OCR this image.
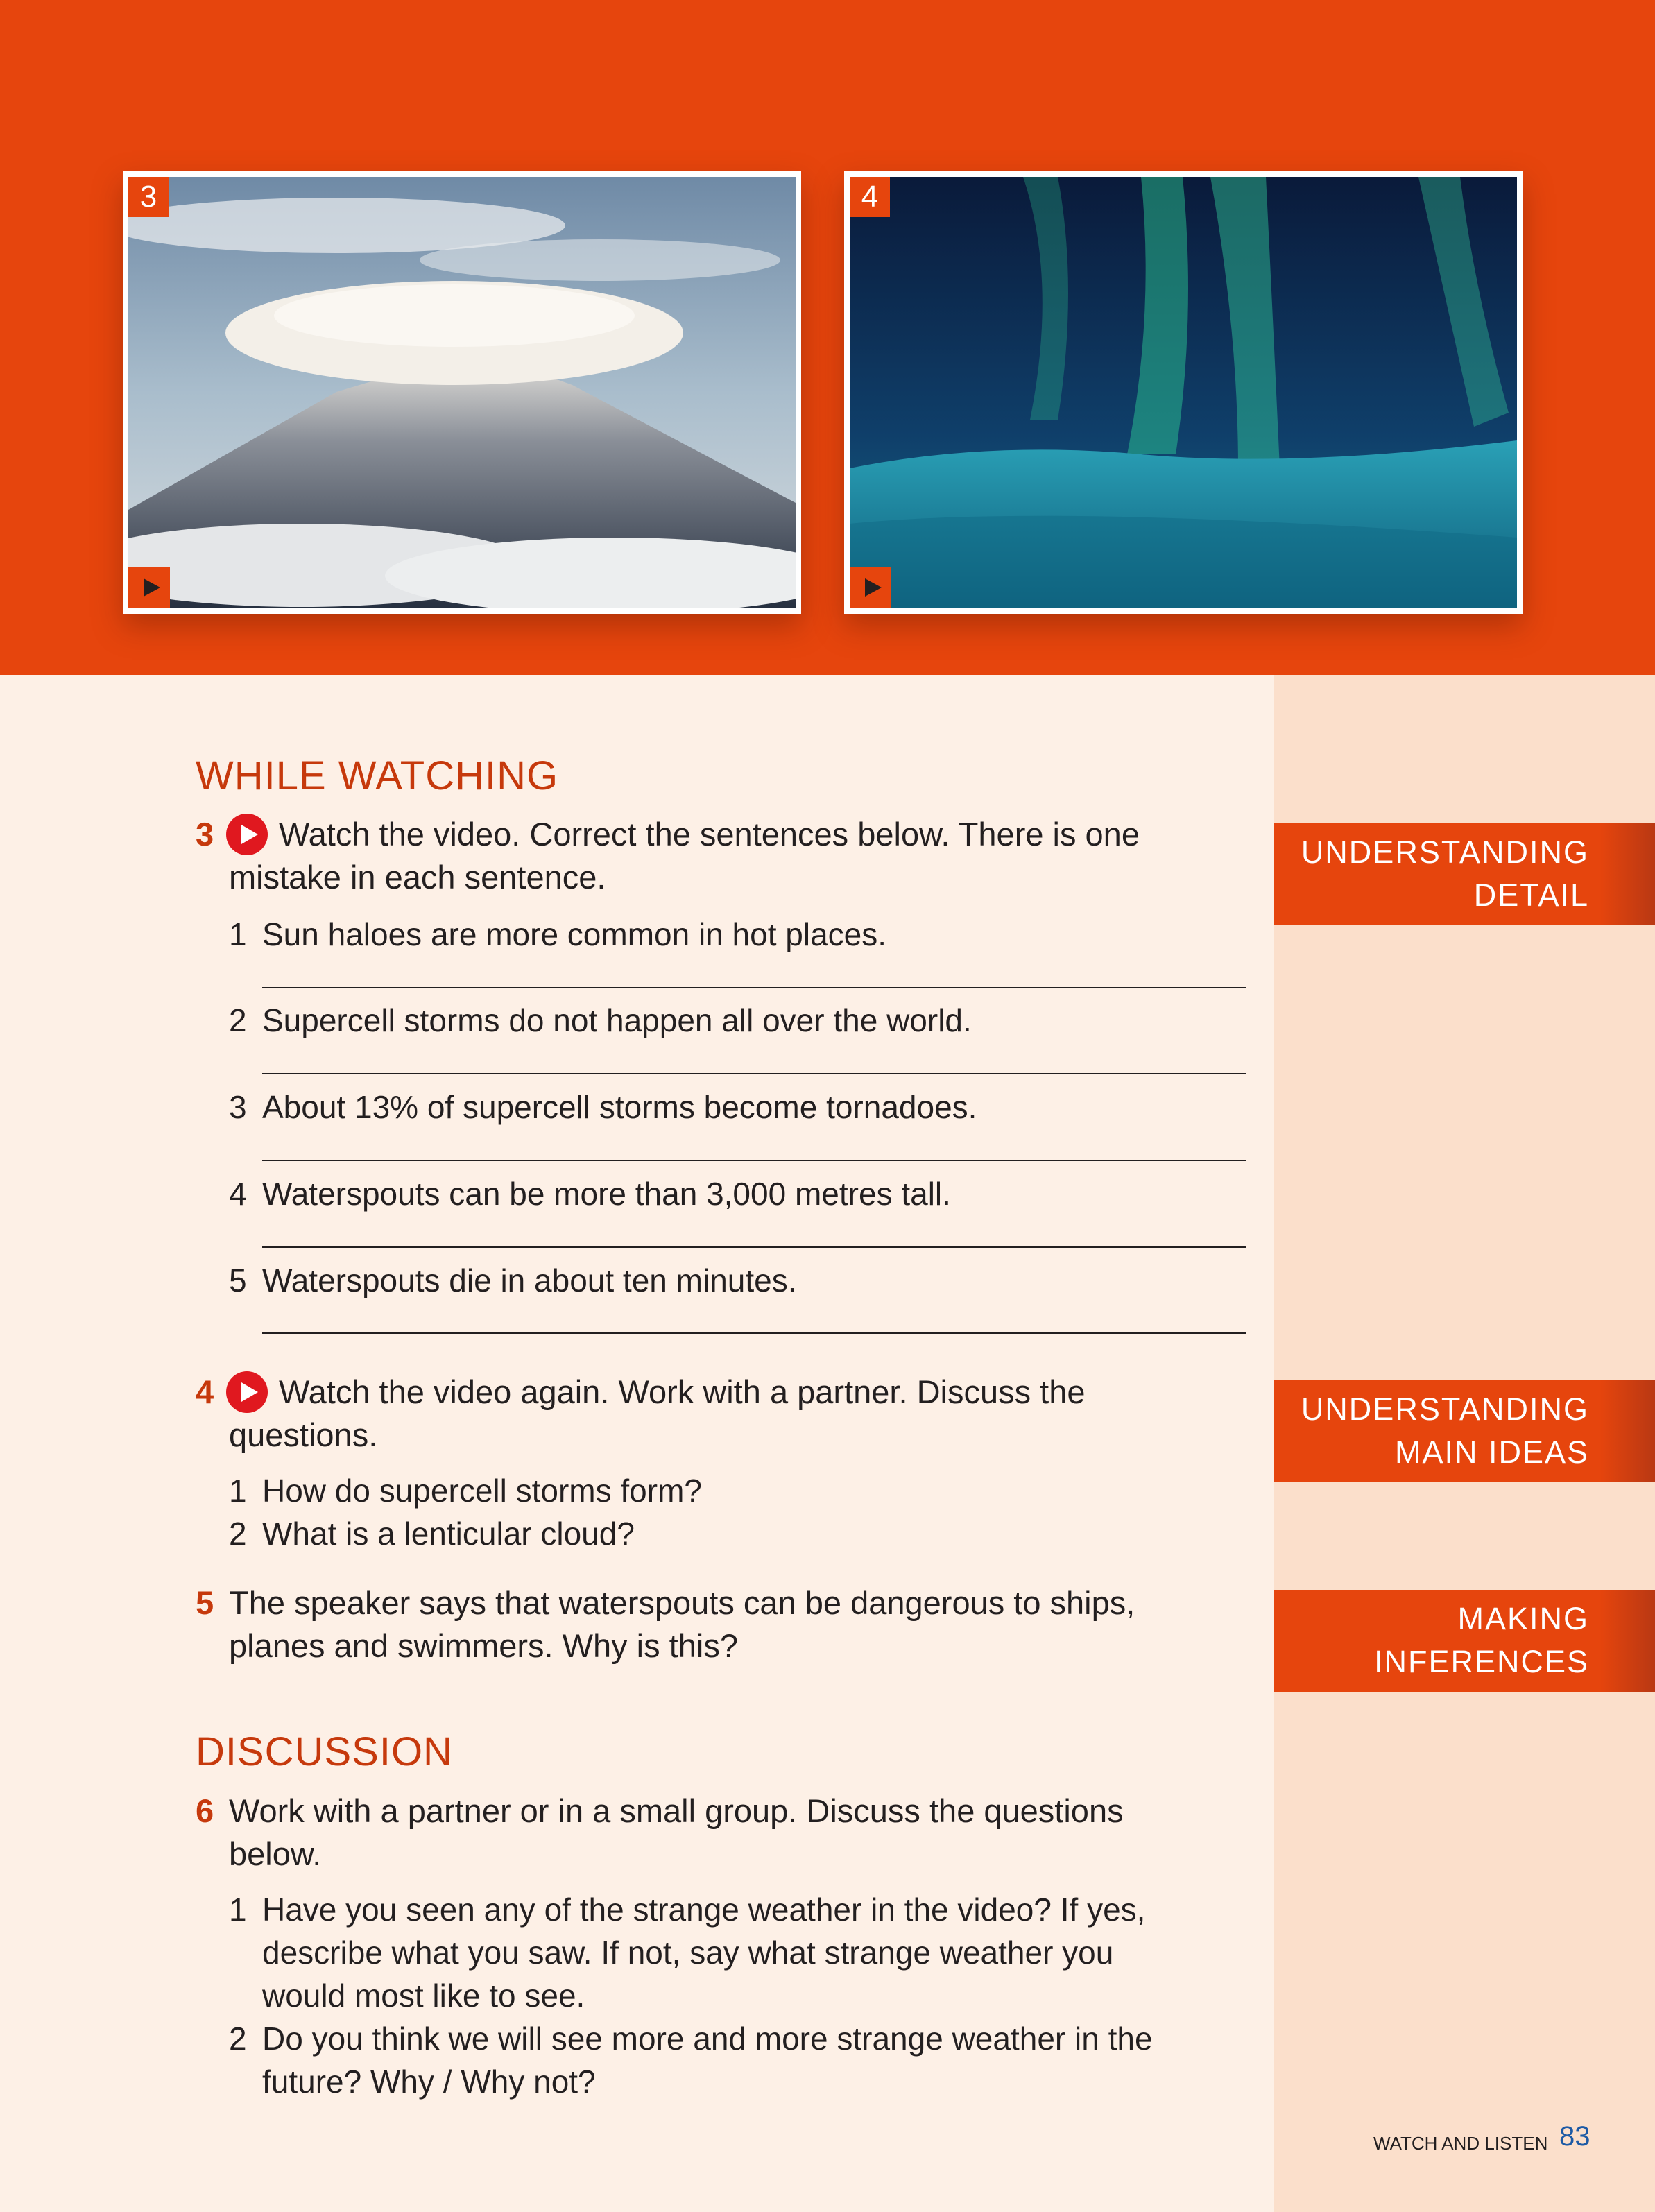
3	4
UNDERSTANDING
DETAIL
UNDERSTANDING
MAIN IDEAS
MAKING
INFERENCES
WHILE WATCHING
3 Watch the video. Correct the sentences below. There is one
mistake in each sentence.
1 Sun haloes are more common in hot places.
2 Supercell storms do not happen all over the world.
3 About 13% of supercell storms become tornadoes.
4 Waterspouts can be more than 3,000 metres tall.
5 Waterspouts die in about ten minutes.
4 Watch the video again. Work with a partner. Discuss the
questions.
1 How do supercell storms form?
2 What is a lenticular cloud?
5 The speaker says that waterspouts can be dangerous to ships,
planes and swimmers. Why is this?
DISCUSSION
6 Work with a partner or in a small group. Discuss the questions
below.
1 Have you seen any of the strange weather in the video? If yes,
describe what you saw. If not, say what strange weather you
would most like to see.
2 Do you think we will see more and more strange weather in the
future? Why / Why not?
WATCH AND LISTEN 83
